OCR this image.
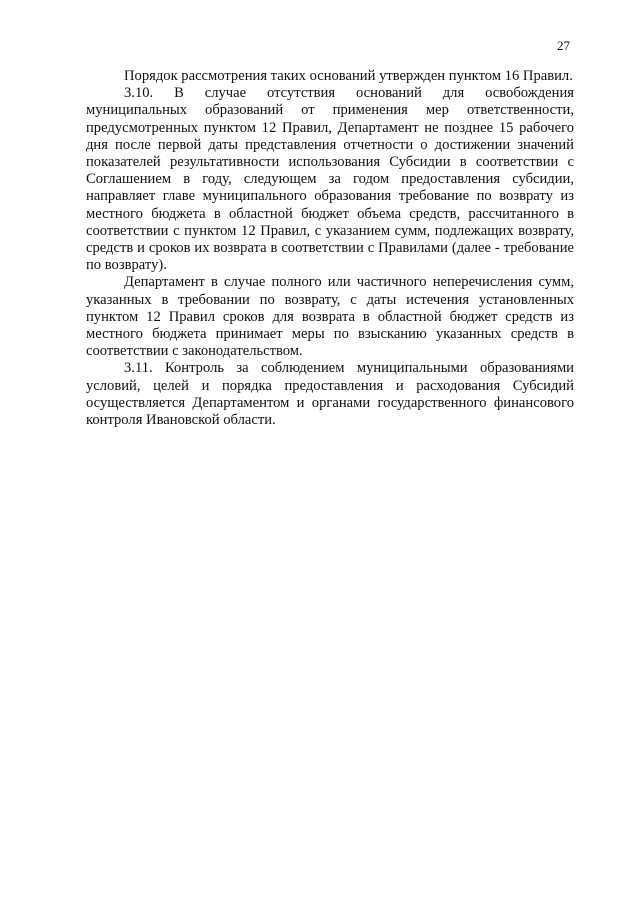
27

Порядок рассмотрения таких оснований утвержден пунктом 16 Правил.

3.10. В случае отсутствия оснований для освобождения муниципальных образований от применения мер ответственности, предусмотренных пунктом 12 Правил, Департамент не позднее 15 рабочего дня после первой даты представления отчетности о достижении значений показателей результативности использования Субсидии в соответствии с Соглашением в году, следующем за годом предоставления субсидии, направляет главе муниципального образования требование по возврату из местного бюджета в областной бюджет объема средств, рассчитанного в соответствии с пунктом 12 Правил, с указанием сумм, подлежащих возврату, средств и сроков их возврата в соответствии с Правилами (далее - требование по возврату).

Департамент в случае полного или частичного неперечисления сумм, указанных в требовании по возврату, с даты истечения установленных пунктом 12 Правил сроков для возврата в областной бюджет средств из местного бюджета принимает меры по взысканию указанных средств в соответствии с законодательством.

3.11. Контроль за соблюдением муниципальными образованиями условий, целей и порядка предоставления и расходования Субсидий осуществляется Департаментом и органами государственного финансового контроля Ивановской области.
